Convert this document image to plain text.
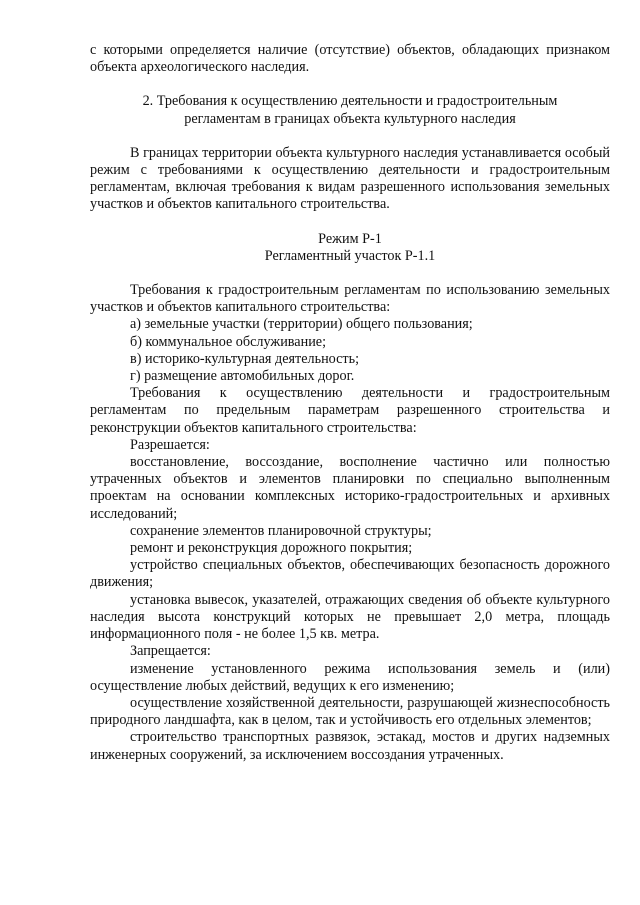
с которыми определяется наличие (отсутствие) объектов, обладающих признаком объекта археологического наследия.

2. Требования к осуществлению деятельности и градостроительным

регламентам в границах объекта культурного наследия

В границах территории объекта культурного наследия устанавливается особый режим с требованиями к осуществлению деятельности и градостроительным регламентам, включая требования к видам разрешенного использования земельных участков и объектов капитального строительства.

Режим Р-1

Регламентный участок Р-1.1

Требования к градостроительным регламентам по использованию земельных участков и объектов капитального строительства:

а) земельные участки (территории) общего пользования;

б) коммунальное обслуживание;

в) историко-культурная деятельность;

г) размещение автомобильных дорог.

Требования к осуществлению деятельности и градостроительным регламентам по предельным параметрам разрешенного строительства и реконструкции объектов капитального строительства:

Разрешается:

восстановление, воссоздание, восполнение частично или полностью утраченных объектов и элементов планировки по специально выполненным проектам на основании комплексных историко-градостроительных и архивных исследований;

сохранение элементов планировочной структуры;

ремонт и реконструкция дорожного покрытия;

устройство специальных объектов, обеспечивающих безопасность дорожного движения;

установка вывесок, указателей, отражающих сведения об объекте культурного наследия высота конструкций которых не превышает 2,0 метра, площадь информационного поля - не более 1,5 кв. метра.

Запрещается:

изменение установленного режима использования земель и (или) осуществление любых действий, ведущих к его изменению;

осуществление хозяйственной деятельности, разрушающей жизнеспособность природного ландшафта, как в целом, так и устойчивость его отдельных элементов;

строительство транспортных развязок, эстакад, мостов и других надземных инженерных сооружений, за исключением воссоздания утраченных.
